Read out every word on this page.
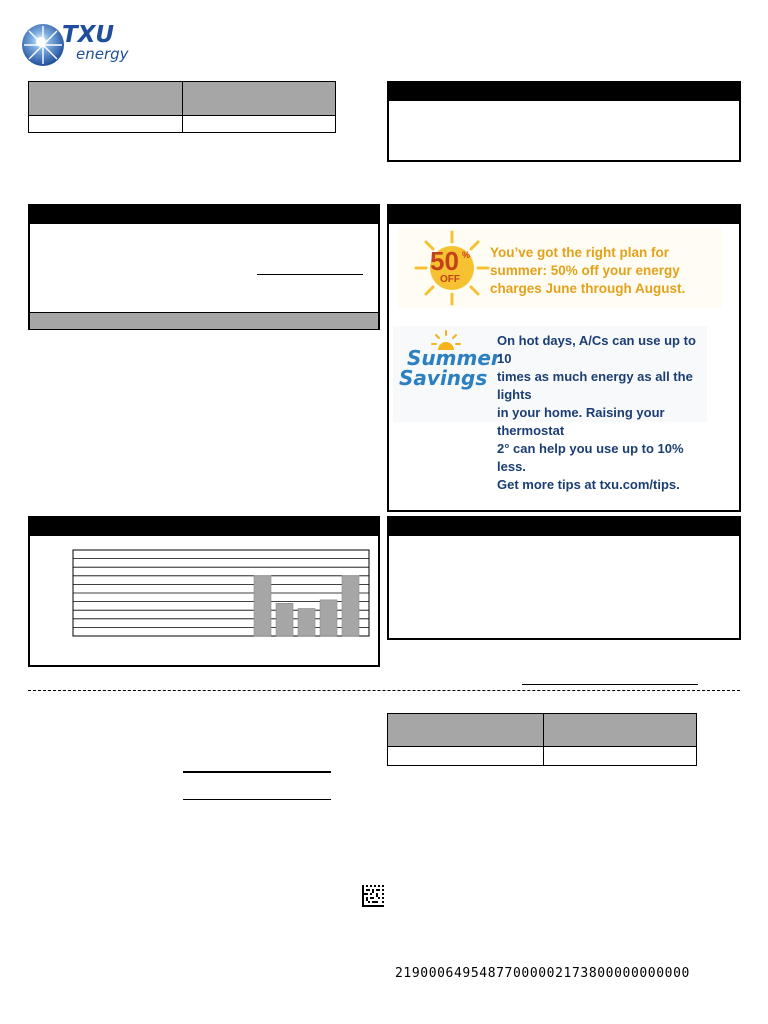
TXU
energy
50 %
OFF
You’ve got the right plan for
summer: 50% off your energy
charges June through August.
Summer
Savings
On hot days, A/Cs can use up to 10
times as much energy as all the lights
in your home. Raising your thermostat
2° can help you use up to 10% less.
Get more tips at txu.com/tips.
21900064954877000002173800000000000
